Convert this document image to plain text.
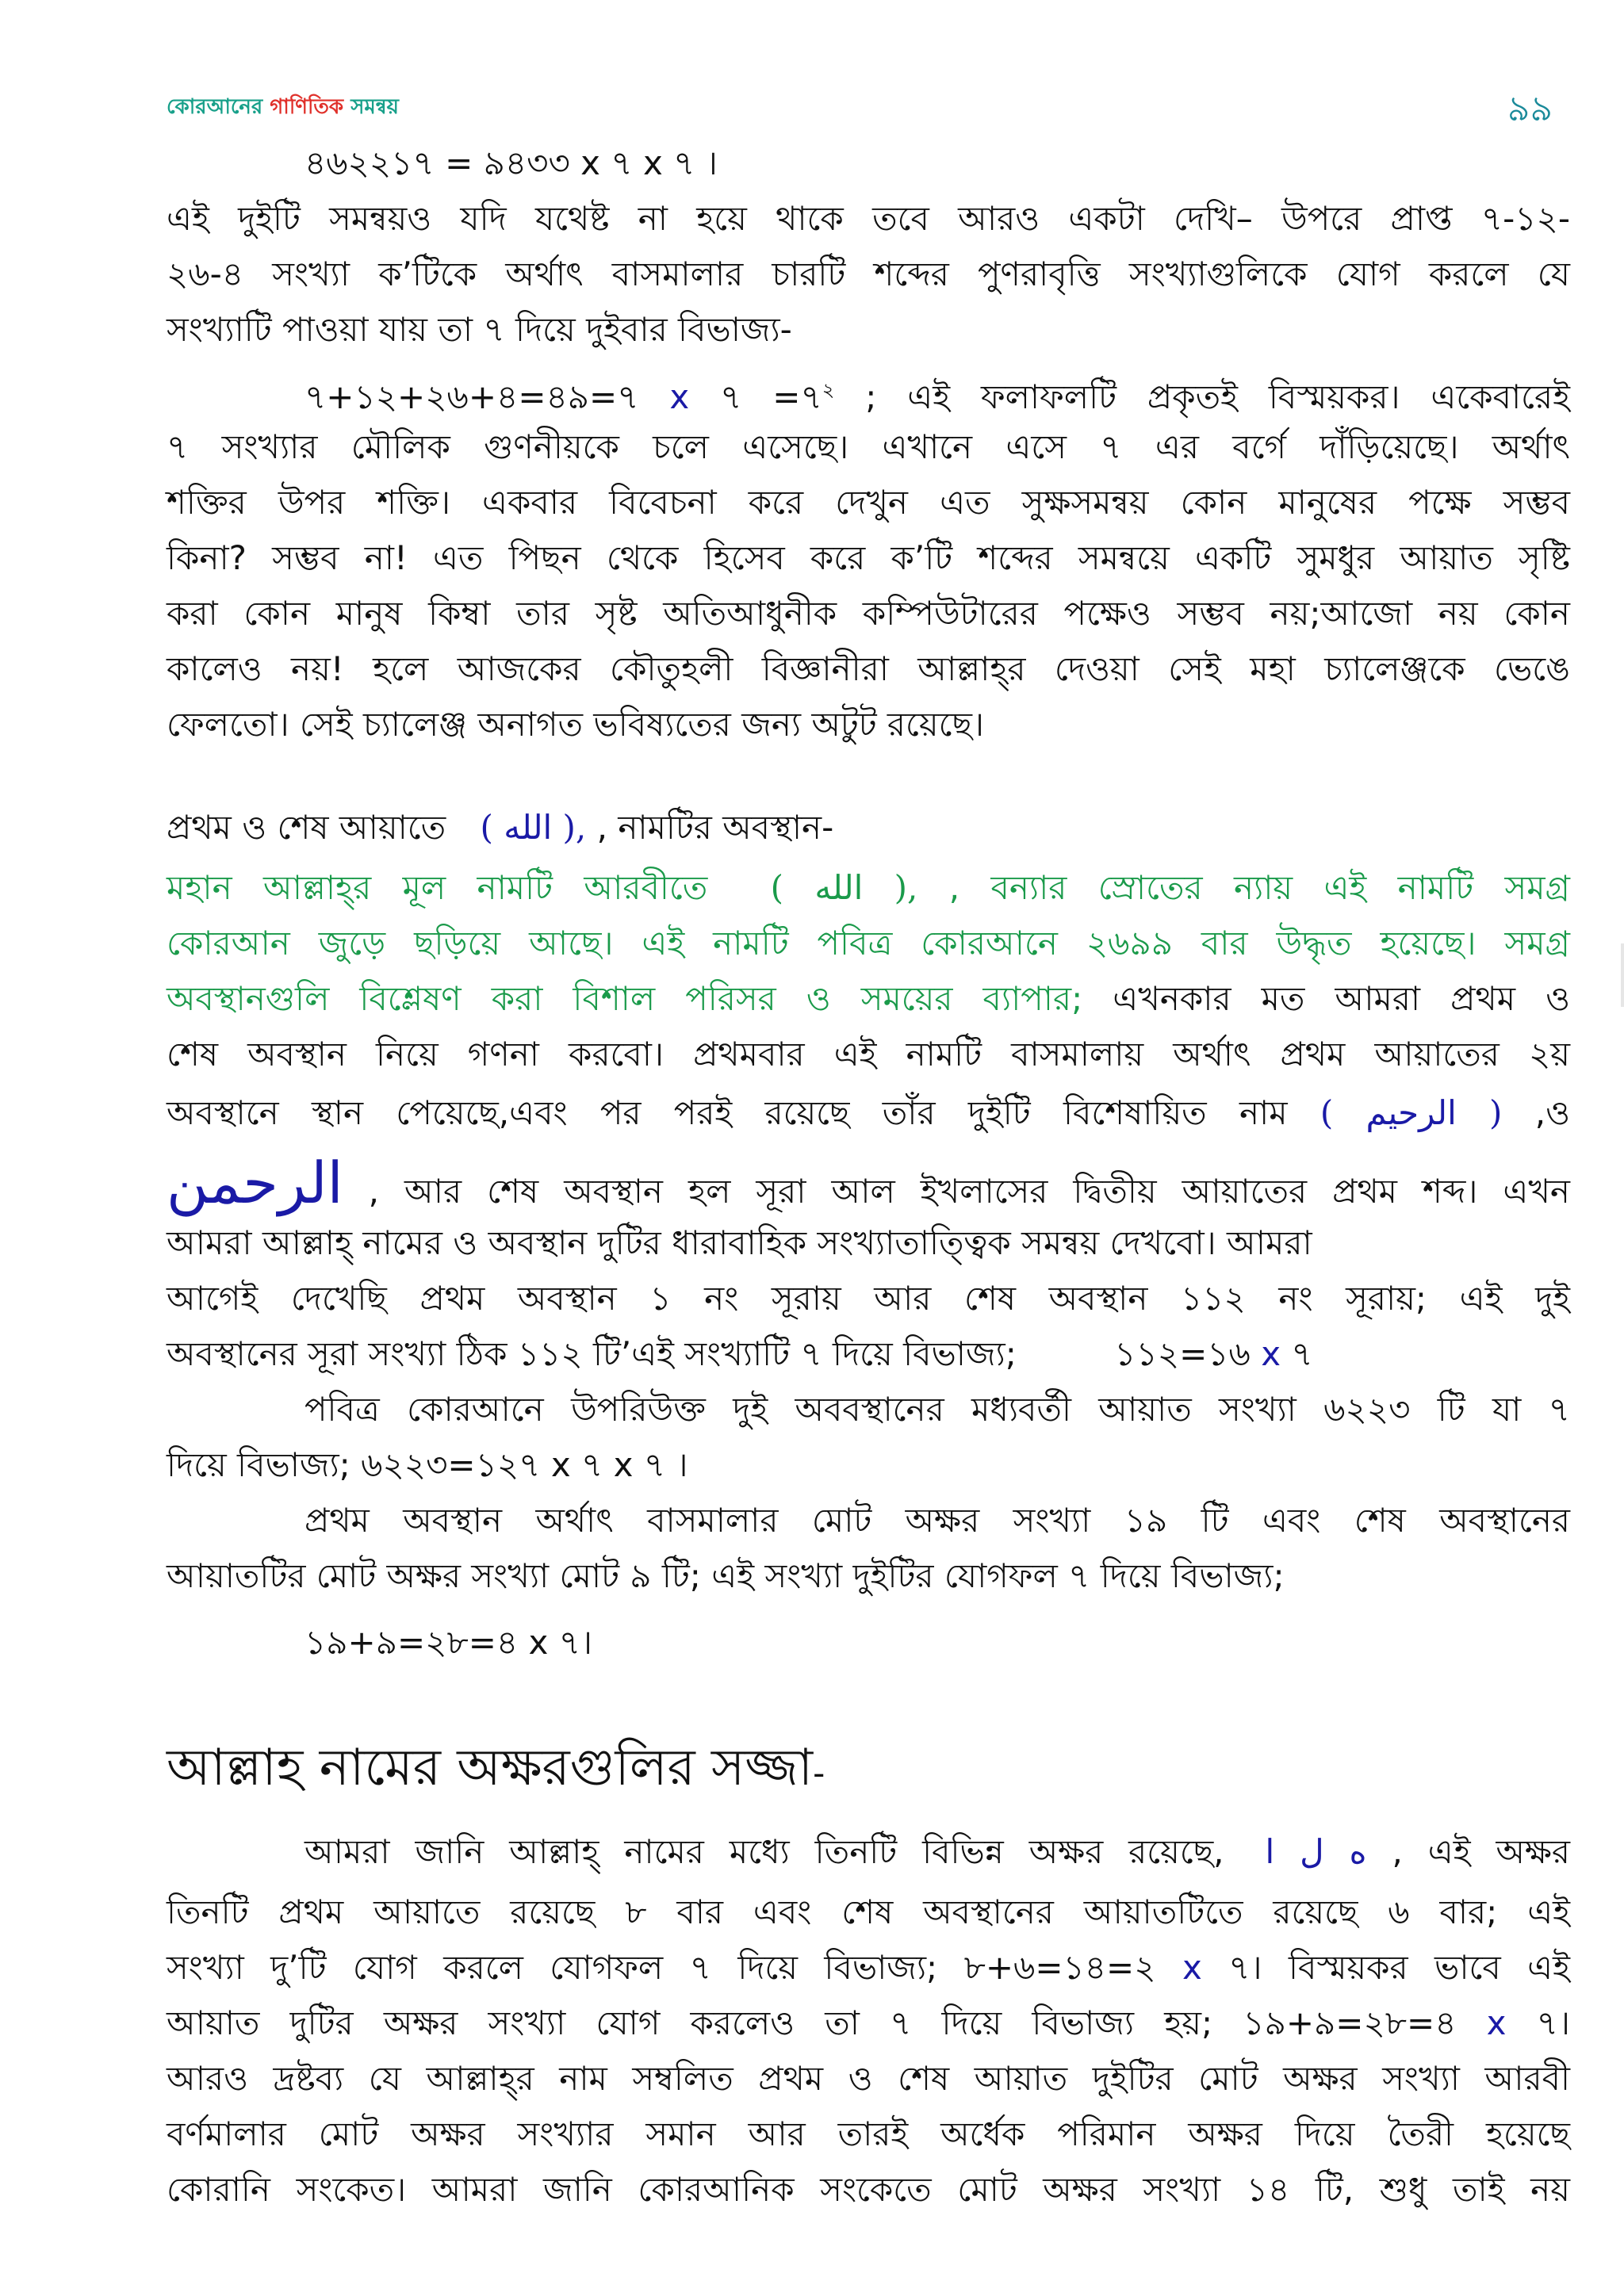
কোরআনের গাণিতিক সমন্বয়	৯৯
৪৬২২১৭ = ৯৪৩৩ x ৭ x ৭ ।
এই দুইটি সমন্বয়ও যদি যথেষ্ট না হয়ে থাকে তবে আরও একটা দেখি– উপরে প্রাপ্ত ৭-১২-
২৬-৪ সংখ্যা ক’টিকে অর্থাৎ বাসমালার চারটি শব্দের পুণরাবৃত্তি সংখ্যাগুলিকে যোগ করলে যে
সংখ্যাটি পাওয়া যায় তা ৭ দিয়ে দুইবার বিভাজ্য-
৭+১২+২৬+৪=৪৯=৭ x ৭ $=৭^২$ ; এই ফলাফলটি প্রকৃতই বিস্ময়কর। একেবারেই
৭ সংখ্যার মৌলিক গুণনীয়কে চলে এসেছে। এখানে এসে ৭ এর বর্গে দাঁড়িয়েছে। অর্থাৎ
শক্তির উপর শক্তি। একবার বিবেচনা করে দেখুন এত সুক্ষসমন্বয় কোন মানুষের পক্ষে সম্ভব
কিনা? সম্ভব না! এত পিছন থেকে হিসেব করে ক’টি শব্দের সমন্বয়ে একটি সুমধুর আয়াত সৃষ্টি
করা কোন মানুষ কিম্বা তার সৃষ্ট অতিআধুনীক কম্পিউটারের পক্ষেও সম্ভব নয়;আজো নয় কোন
কালেও নয়! হলে আজকের কৌতুহলী বিজ্ঞানীরা আল্লাহ্‌র দেওয়া সেই মহা চ্যালেঞ্জকে ভেঙে
ফেলতো। সেই চ্যালেঞ্জ অনাগত ভবিষ্যতের জন্য অটুট রয়েছে।
প্রথম ও শেষ আয়াতে ( الله ), , নামটির অবস্থান-
মহান আল্লাহ্‌র মূল নামটি আরবীতে ( الله ), , বন্যার স্রোতের ন্যায় এই নামটি সমগ্র
কোরআন জুড়ে ছড়িয়ে আছে। এই নামটি পবিত্র কোরআনে ২৬৯৯ বার উদ্ধৃত হয়েছে। সমগ্র
অবস্থানগুলি বিশ্লেষণ করা বিশাল পরিসর ও সময়ের ব্যাপার; এখনকার মত আমরা প্রথম ও
শেষ অবস্থান নিয়ে গণনা করবো। প্রথমবার এই নামটি বাসমালায় অর্থাৎ প্রথম আয়াতের ২য়
অবস্থানে স্থান পেয়েছে,এবং পর পরই রয়েছে তাঁর দুইটি বিশেষায়িত নাম ( الرحيم ) ,ও
الرحمن , আর শেষ অবস্থান হল সূরা আল ইখলাসের দ্বিতীয় আয়াতের প্রথম শব্দ। এখন
আমরা আল্লাহ্‌ নামের ও অবস্থান দুটির ধারাবাহিক সংখ্যাতাত্ত্বিক সমন্বয় দেখবো। আমরা
আগেই দেখেছি প্রথম অবস্থান ১ নং সূরায় আর শেষ অবস্থান ১১২ নং সূরায়; এই দুই
অবস্থানের সূরা সংখ্যা ঠিক ১১২ টি’এই সংখ্যাটি ৭ দিয়ে বিভাজ্য;	১১২=১৬ x ৭
পবিত্র কোরআনে উপরিউক্ত দুই অববস্থানের মধ্যবর্তী আয়াত সংখ্যা ৬২২৩ টি যা ৭
দিয়ে বিভাজ্য; ৬২২৩=১২৭ x ৭ x ৭ ।
প্রথম অবস্থান অর্থাৎ বাসমালার মোট অক্ষর সংখ্যা ১৯ টি এবং শেষ অবস্থানের
আয়াতটির মোট অক্ষর সংখ্যা মোট ৯ টি; এই সংখ্যা দুইটির যোগফল ৭ দিয়ে বিভাজ্য;
১৯+৯=২৮=৪ x ৭।
আল্লাহ নামের অক্ষরগুলির সজ্জা-
আমরা জানি আল্লাহ্‌ নামের মধ্যে তিনটি বিভিন্ন অক্ষর রয়েছে, ه ل ا , এই অক্ষর
তিনটি প্রথম আয়াতে রয়েছে ৮ বার এবং শেষ অবস্থানের আয়াতটিতে রয়েছে ৬ বার; এই
সংখ্যা দু’টি যোগ করলে যোগফল ৭ দিয়ে বিভাজ্য; ৮+৬=১৪=২ x ৭। বিস্ময়কর ভাবে এই
আয়াত দুটির অক্ষর সংখ্যা যোগ করলেও তা ৭ দিয়ে বিভাজ্য হয়; ১৯+৯=২৮=৪ x ৭।
আরও দ্রষ্টব্য যে আল্লাহ্‌র নাম সম্বলিত প্রথম ও শেষ আয়াত দুইটির মোট অক্ষর সংখ্যা আরবী
বর্ণমালার মোট অক্ষর সংখ্যার সমান আর তারই অর্ধেক পরিমান অক্ষর দিয়ে তৈরী হয়েছে
কোরানি সংকেত। আমরা জানি কোরআনিক সংকেতে মোট অক্ষর সংখ্যা ১৪ টি, শুধু তাই নয়
